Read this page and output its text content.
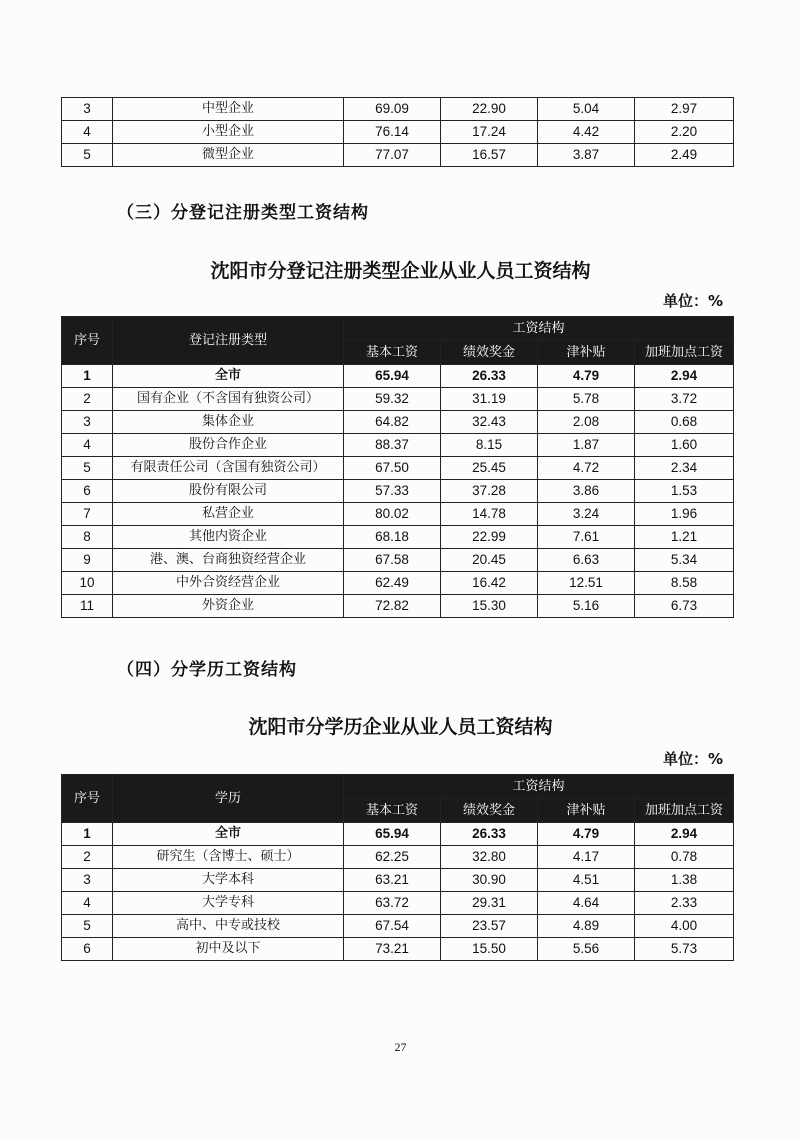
3	中型企业	69.09	22.90	5.04	2.97
4	小型企业	76.14	17.24	4.42	2.20
5	微型企业	77.07	16.57	3.87	2.49
（三）分登记注册类型工资结构
沈阳市分登记注册类型企业从业人员工资结构
单位：%
序号	登记注册类型	工资结构			
		基本工资	绩效奖金	津补贴	加班加点工资
1	全市	65.94	26.33	4.79	2.94
2	国有企业（不含国有独资公司）	59.32	31.19	5.78	3.72
3	集体企业	64.82	32.43	2.08	0.68
4	股份合作企业	88.37	8.15	1.87	1.60
5	有限责任公司（含国有独资公司）	67.50	25.45	4.72	2.34
6	股份有限公司	57.33	37.28	3.86	1.53
7	私营企业	80.02	14.78	3.24	1.96
8	其他内资企业	68.18	22.99	7.61	1.21
9	港、澳、台商独资经营企业	67.58	20.45	6.63	5.34
10	中外合资经营企业	62.49	16.42	12.51	8.58
11	外资企业	72.82	15.30	5.16	6.73
（四）分学历工资结构
沈阳市分学历企业从业人员工资结构
单位：%
序号	学历	工资结构			
		基本工资	绩效奖金	津补贴	加班加点工资
1	全市	65.94	26.33	4.79	2.94
2	研究生（含博士、硕士）	62.25	32.80	4.17	0.78
3	大学本科	63.21	30.90	4.51	1.38
4	大学专科	63.72	29.31	4.64	2.33
5	高中、中专或技校	67.54	23.57	4.89	4.00
6	初中及以下	73.21	15.50	5.56	5.73
27
